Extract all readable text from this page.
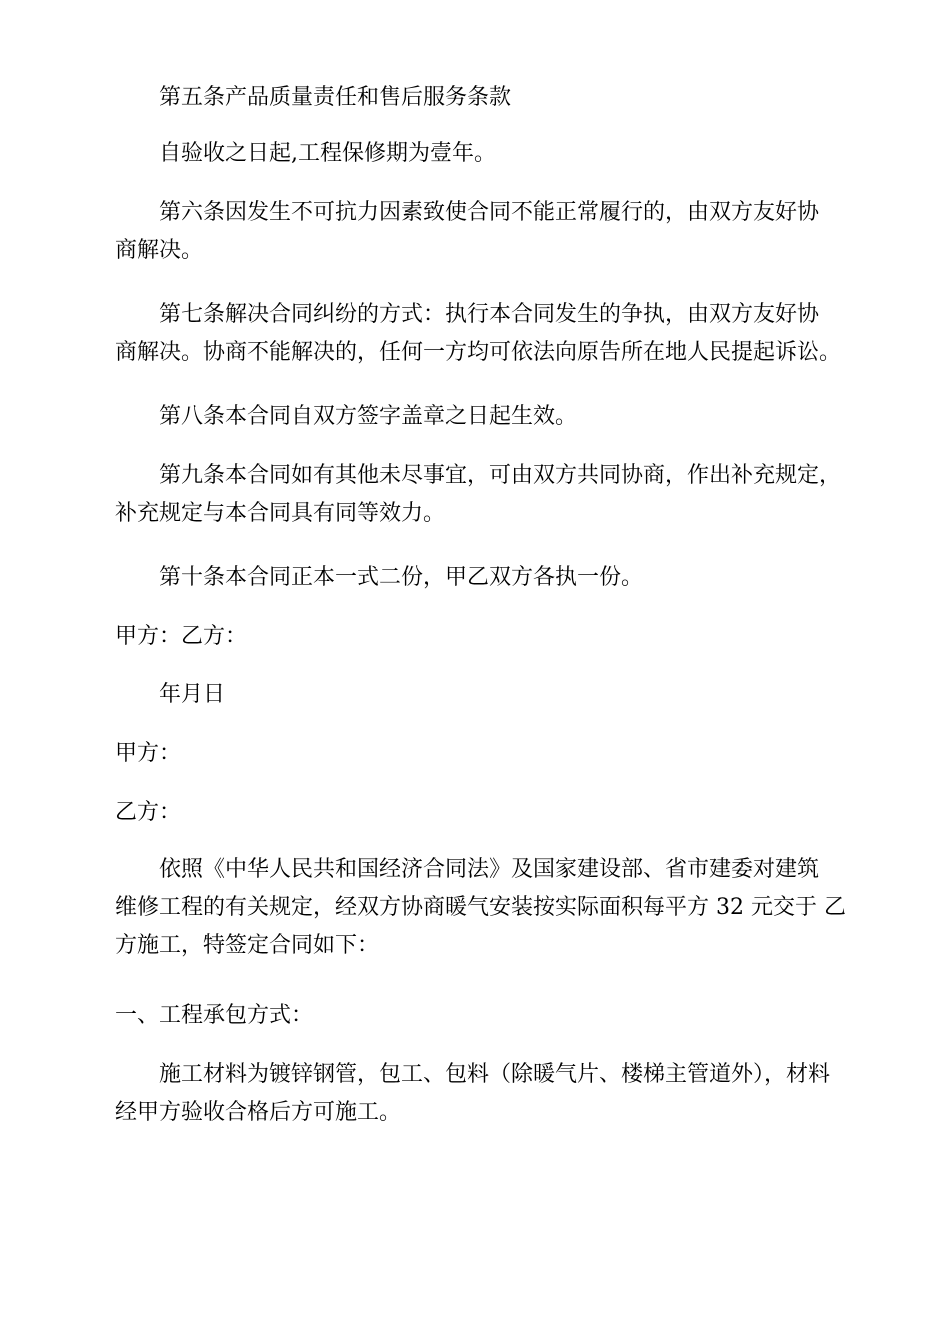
第五条产品质量责任和售后服务条款

自验收之日起,工程保修期为壹年。

第六条因发生不可抗力因素致使合同不能正常履行的，由双方友好协
商解决。

第七条解决合同纠纷的方式：执行本合同发生的争执，由双方友好协
商解决。协商不能解决的，任何一方均可依法向原告所在地人民提起诉讼。

第八条本合同自双方签字盖章之日起生效。

第九条本合同如有其他未尽事宜，可由双方共同协商，作出补充规定，
补充规定与本合同具有同等效力。

第十条本合同正本一式二份，甲乙双方各执一份。

甲方：乙方：

年月日

甲方：

乙方：

依照《中华人民共和国经济合同法》及国家建设部、省市建委对建筑
维修工程的有关规定，经双方协商暖气安装按实际面积每平方 32 元交于 乙
方施工，特签定合同如下：

一、工程承包方式：

施工材料为镀锌钢管，包工、包料（除暖气片、楼梯主管道外），材料
经甲方验收合格后方可施工。
